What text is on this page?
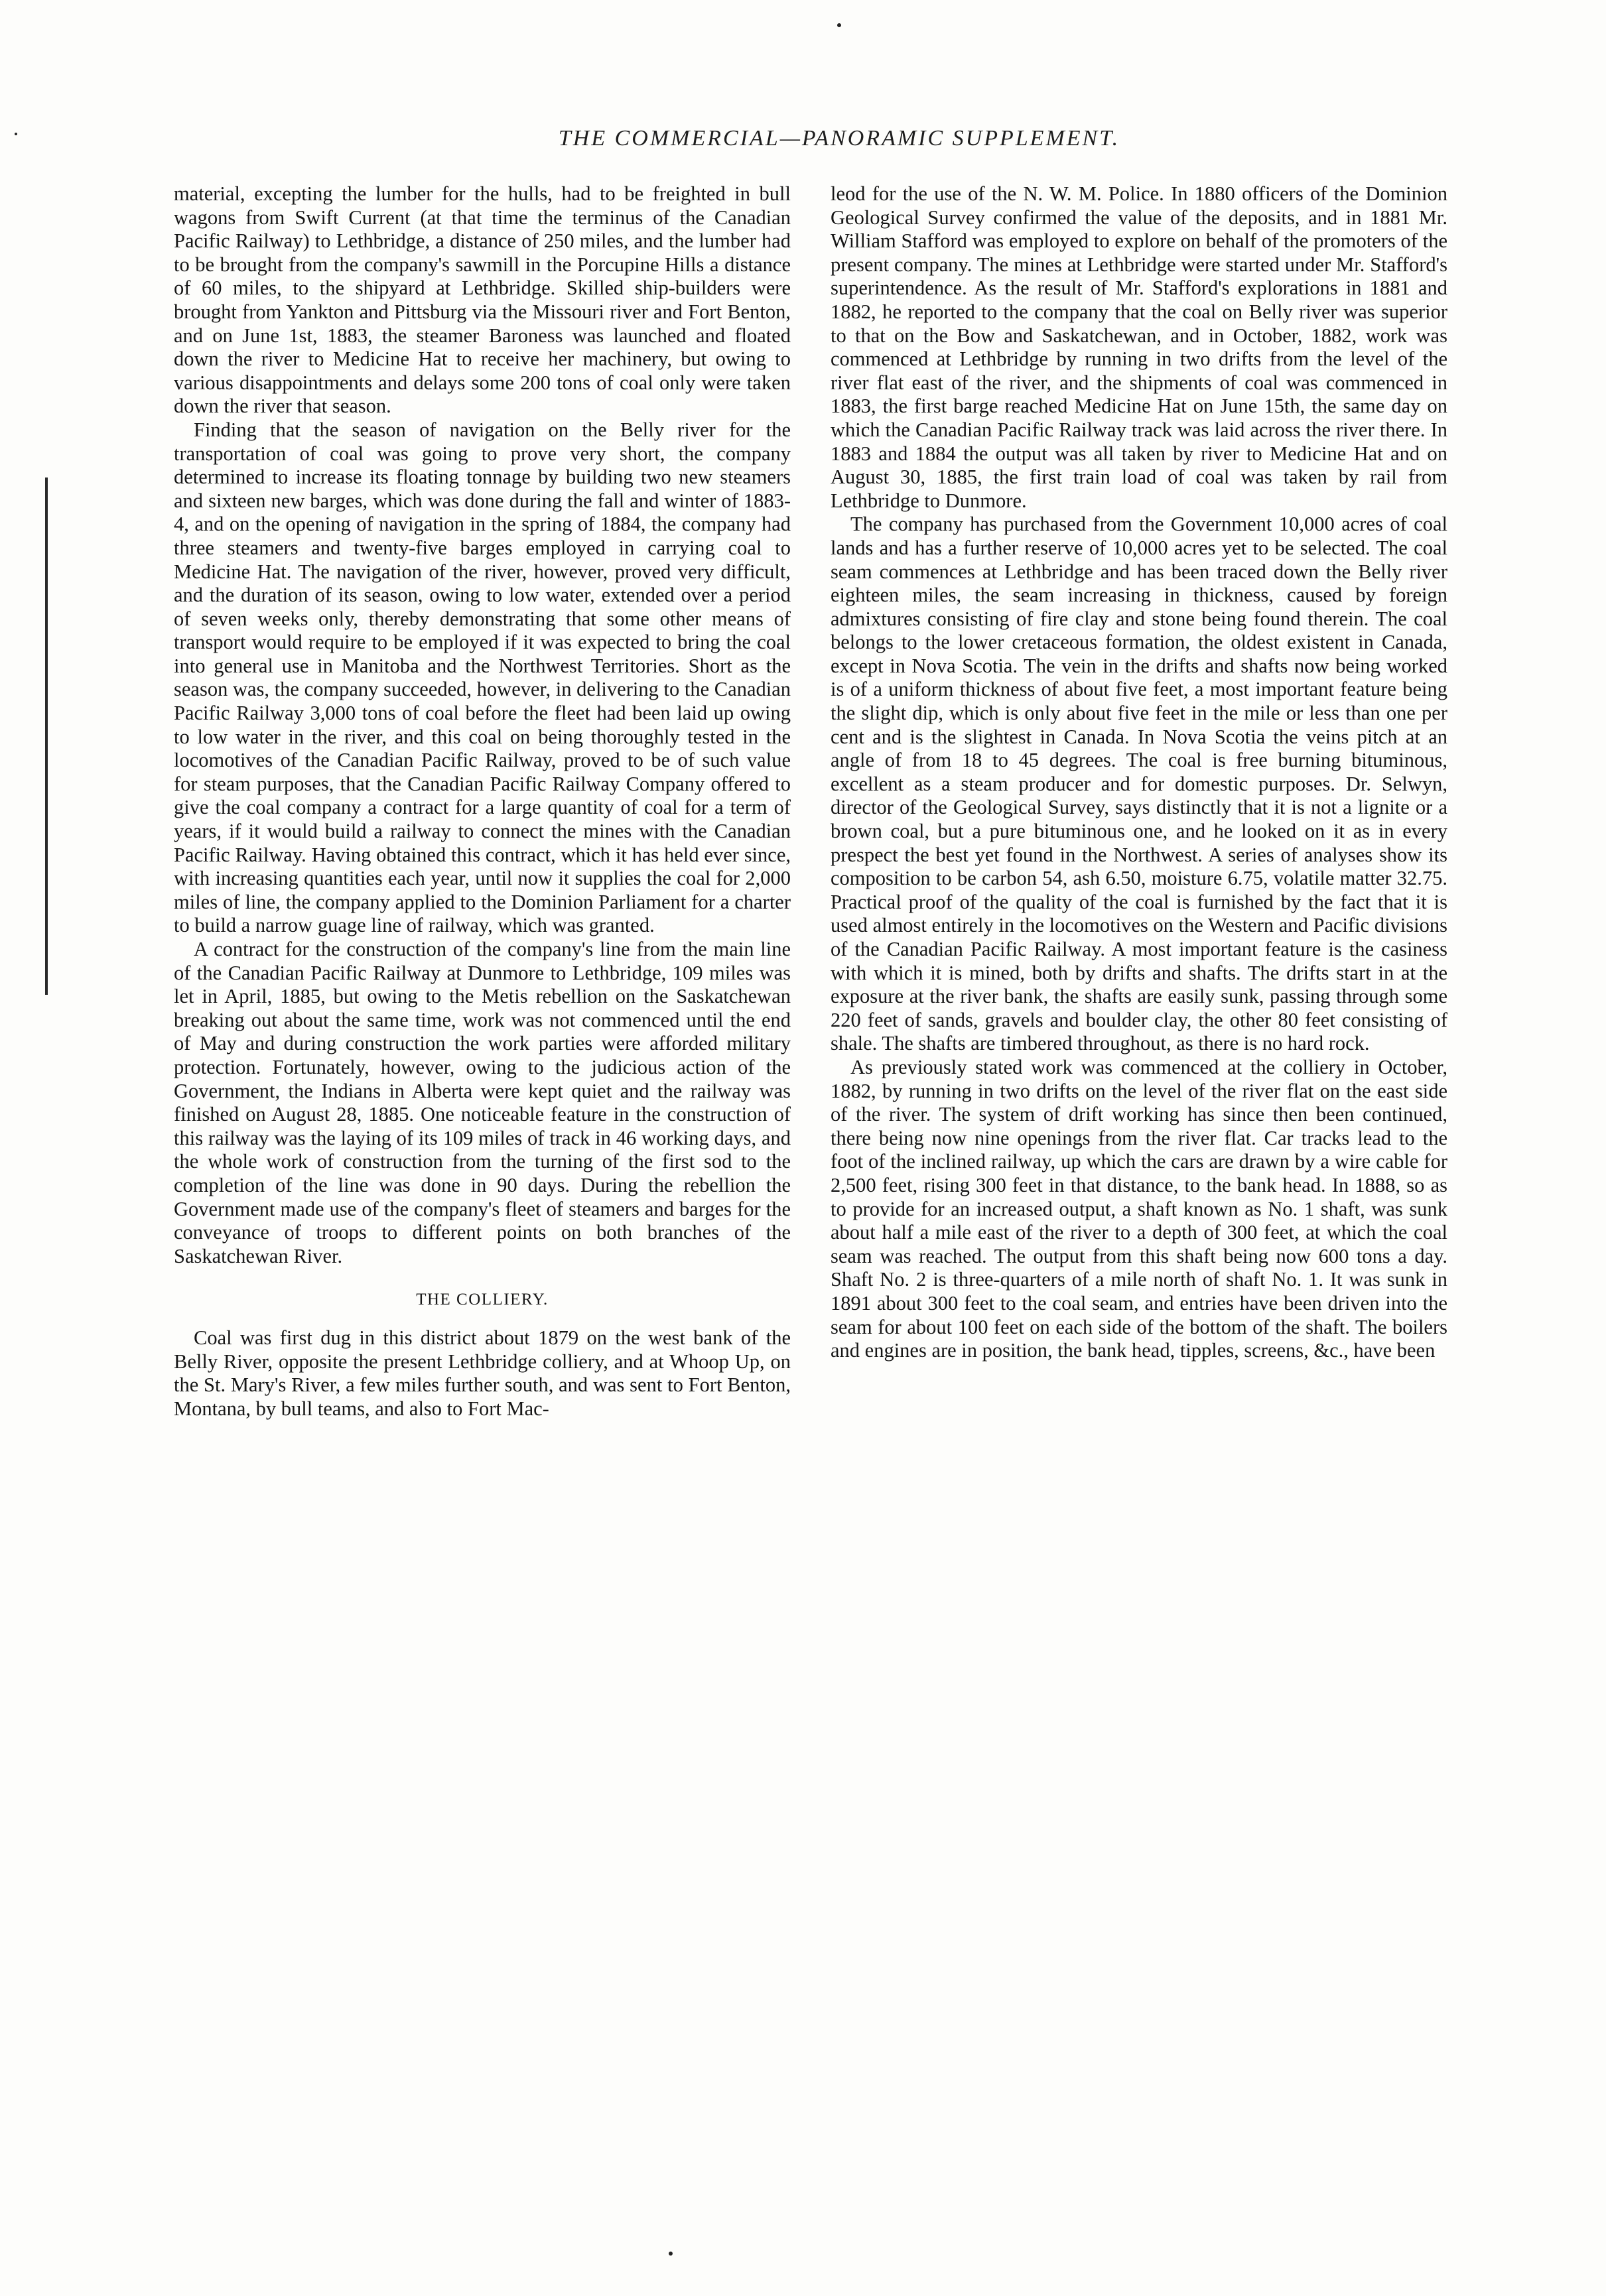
THE COMMERCIAL—PANORAMIC SUPPLEMENT.

material, excepting the lumber for the hulls, had to be freighted in bull wagons from Swift Current (at that time the terminus of the Canadian Pacific Railway) to Lethbridge, a distance of 250 miles, and the lumber had to be brought from the company's sawmill in the Porcupine Hills a distance of 60 miles, to the shipyard at Lethbridge. Skilled ship-builders were brought from Yankton and Pittsburg via the Missouri river and Fort Benton, and on June 1st, 1883, the steamer Baroness was launched and floated down the river to Medicine Hat to receive her machinery, but owing to various disappointments and delays some 200 tons of coal only were taken down the river that season.

Finding that the season of navigation on the Belly river for the transportation of coal was going to prove very short, the company determined to increase its floating tonnage by building two new steamers and sixteen new barges, which was done during the fall and winter of 1883-4, and on the opening of navigation in the spring of 1884, the company had three steamers and twenty-five barges employed in carrying coal to Medicine Hat. The navigation of the river, however, proved very difficult, and the duration of its season, owing to low water, extended over a period of seven weeks only, thereby demonstrating that some other means of transport would require to be employed if it was expected to bring the coal into general use in Manitoba and the Northwest Territories. Short as the season was, the company succeeded, however, in delivering to the Canadian Pacific Railway 3,000 tons of coal before the fleet had been laid up owing to low water in the river, and this coal on being thoroughly tested in the locomotives of the Canadian Pacific Railway, proved to be of such value for steam purposes, that the Canadian Pacific Railway Company offered to give the coal company a contract for a large quantity of coal for a term of years, if it would build a railway to connect the mines with the Canadian Pacific Railway. Having obtained this contract, which it has held ever since, with increasing quantities each year, until now it supplies the coal for 2,000 miles of line, the company applied to the Dominion Parliament for a charter to build a narrow guage line of railway, which was granted.

A contract for the construction of the company's line from the main line of the Canadian Pacific Railway at Dunmore to Lethbridge, 109 miles was let in April, 1885, but owing to the Metis rebellion on the Saskatchewan breaking out about the same time, work was not commenced until the end of May and during construction the work parties were afforded military protection. Fortunately, however, owing to the judicious action of the Government, the Indians in Alberta were kept quiet and the railway was finished on August 28, 1885. One noticeable feature in the construction of this railway was the laying of its 109 miles of track in 46 working days, and the whole work of construction from the turning of the first sod to the completion of the line was done in 90 days. During the rebellion the Government made use of the company's fleet of steamers and barges for the conveyance of troops to different points on both branches of the Saskatchewan River.

THE COLLIERY.

Coal was first dug in this district about 1879 on the west bank of the Belly River, opposite the present Lethbridge colliery, and at Whoop Up, on the St. Mary's River, a few miles further south, and was sent to Fort Benton, Montana, by bull teams, and also to Fort Mac-

leod for the use of the N. W. M. Police. In 1880 officers of the Dominion Geological Survey confirmed the value of the deposits, and in 1881 Mr. William Stafford was employed to explore on behalf of the promoters of the present company. The mines at Lethbridge were started under Mr. Stafford's superintendence. As the result of Mr. Stafford's explorations in 1881 and 1882, he reported to the company that the coal on Belly river was superior to that on the Bow and Saskatchewan, and in October, 1882, work was commenced at Lethbridge by running in two drifts from the level of the river flat east of the river, and the shipments of coal was commenced in 1883, the first barge reached Medicine Hat on June 15th, the same day on which the Canadian Pacific Railway track was laid across the river there. In 1883 and 1884 the output was all taken by river to Medicine Hat and on August 30, 1885, the first train load of coal was taken by rail from Lethbridge to Dunmore.

The company has purchased from the Government 10,000 acres of coal lands and has a further reserve of 10,000 acres yet to be selected. The coal seam commences at Lethbridge and has been traced down the Belly river eighteen miles, the seam increasing in thickness, caused by foreign admixtures consisting of fire clay and stone being found therein. The coal belongs to the lower cretaceous formation, the oldest existent in Canada, except in Nova Scotia. The vein in the drifts and shafts now being worked is of a uniform thickness of about five feet, a most important feature being the slight dip, which is only about five feet in the mile or less than one per cent and is the slightest in Canada. In Nova Scotia the veins pitch at an angle of from 18 to 45 degrees. The coal is free burning bituminous, excellent as a steam producer and for domestic purposes. Dr. Selwyn, director of the Geological Survey, says distinctly that it is not a lignite or a brown coal, but a pure bituminous one, and he looked on it as in every prespect the best yet found in the Northwest. A series of analyses show its composition to be carbon 54, ash 6.50, moisture 6.75, volatile matter 32.75. Practical proof of the quality of the coal is furnished by the fact that it is used almost entirely in the locomotives on the Western and Pacific divisions of the Canadian Pacific Railway. A most important feature is the casiness with which it is mined, both by drifts and shafts. The drifts start in at the exposure at the river bank, the shafts are easily sunk, passing through some 220 feet of sands, gravels and boulder clay, the other 80 feet consisting of shale. The shafts are timbered throughout, as there is no hard rock.

As previously stated work was commenced at the colliery in October, 1882, by running in two drifts on the level of the river flat on the east side of the river. The system of drift working has since then been continued, there being now nine openings from the river flat. Car tracks lead to the foot of the inclined railway, up which the cars are drawn by a wire cable for 2,500 feet, rising 300 feet in that distance, to the bank head. In 1888, so as to provide for an increased output, a shaft known as No. 1 shaft, was sunk about half a mile east of the river to a depth of 300 feet, at which the coal seam was reached. The output from this shaft being now 600 tons a day. Shaft No. 2 is three-quarters of a mile north of shaft No. 1. It was sunk in 1891 about 300 feet to the coal seam, and entries have been driven into the seam for about 100 feet on each side of the bottom of the shaft. The boilers and engines are in position, the bank head, tipples, screens, &c., have been
